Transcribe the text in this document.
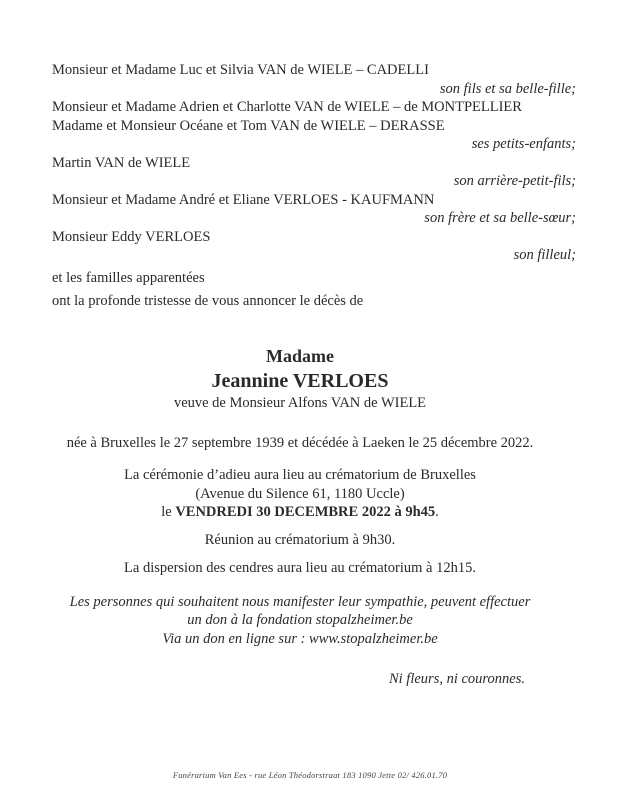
Monsieur et Madame Luc et Silvia VAN de WIELE – CADELLI
son fils et sa belle-fille;
Monsieur et Madame Adrien et Charlotte VAN de WIELE – de MONTPELLIER
Madame et Monsieur Océane et Tom VAN de WIELE – DERASSE
ses petits-enfants;
Martin VAN de WIELE
son arrière-petit-fils;
Monsieur et Madame André et Eliane VERLOES - KAUFMANN
son frère et sa belle-sœur;
Monsieur Eddy VERLOES
son filleul;
et les familles apparentées
ont la profonde tristesse de vous annoncer le décès de
Madame
Jeannine VERLOES
veuve de Monsieur Alfons VAN de WIELE
née à Bruxelles le 27 septembre 1939 et décédée à Laeken le 25 décembre 2022.
La cérémonie d’adieu aura lieu au crématorium de Bruxelles
(Avenue du Silence 61, 1180 Uccle)
le VENDREDI 30 DECEMBRE 2022 à 9h45.
Réunion au crématorium à 9h30.
La dispersion des cendres aura lieu au crématorium à 12h15.
Les personnes qui souhaitent nous manifester leur sympathie, peuvent effectuer
un don à la fondation stopalzheimer.be
Via un don en ligne sur : www.stopalzheimer.be
Ni fleurs, ni couronnes.
Funérarium Van Ees - rue Léon Théodorstraat 183 1090 Jette 02/ 426.01.70
